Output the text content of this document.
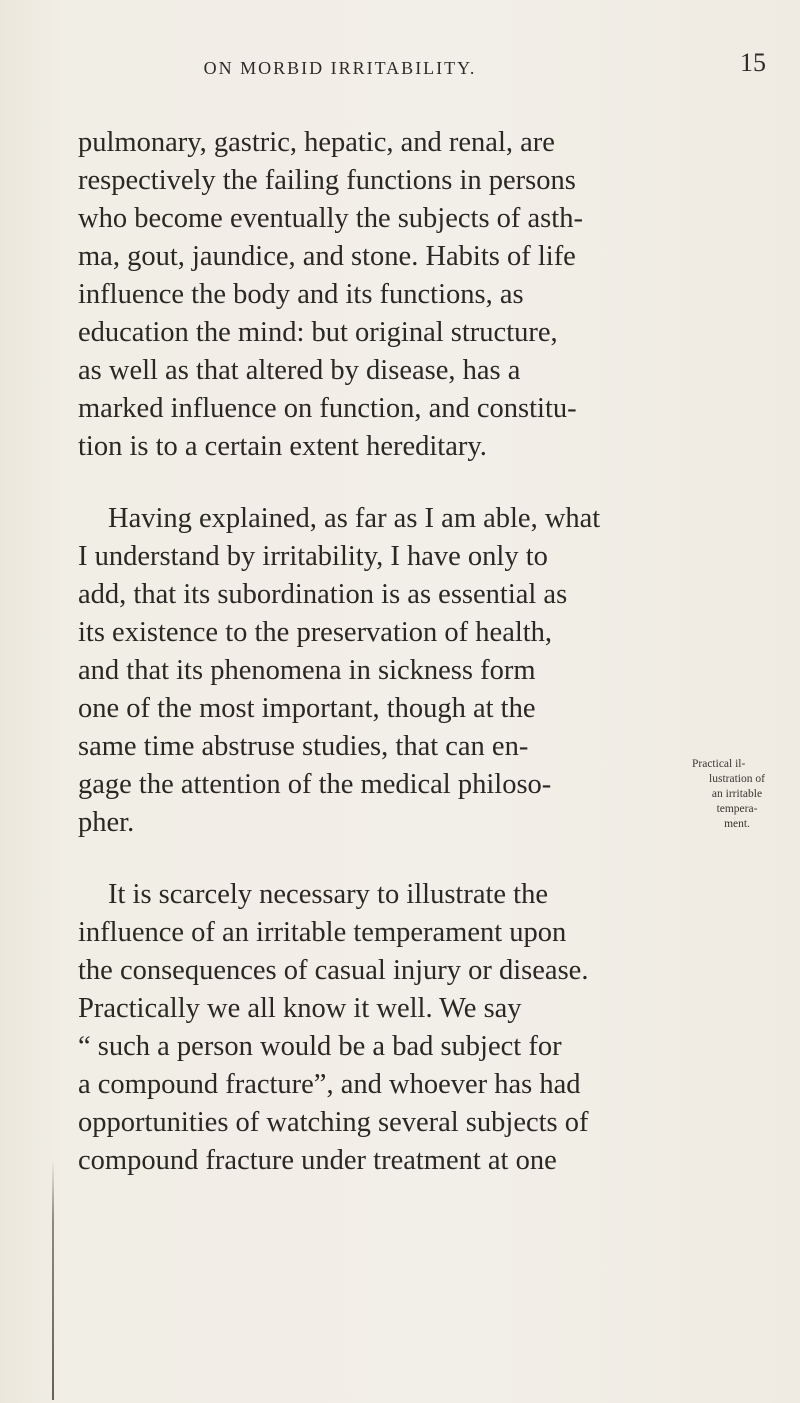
ON MORBID IRRITABILITY.	15
pulmonary, gastric, hepatic, and renal, are
respectively the failing functions in persons
who become eventually the subjects of asth-
ma, gout, jaundice, and stone. Habits of life
influence the body and its functions, as
education the mind: but original structure,
as well as that altered by disease, has a
marked influence on function, and constitu-
tion is to a certain extent hereditary.
Having explained, as far as I am able, what
I understand by irritability, I have only to
add, that its subordination is as essential as
its existence to the preservation of health,
and that its phenomena in sickness form
one of the most important, though at the
same time abstruse studies, that can en-
gage the attention of the medical philoso-
pher.
It is scarcely necessary to illustrate the
influence of an irritable temperament upon
the consequences of casual injury or disease.
Practically we all know it well. We say
“ such a person would be a bad subject for
a compound fracture”, and whoever has had
opportunities of watching several subjects of
compound fracture under treatment at one
Practical il-
lustration of
an irritable
tempera-
ment.
